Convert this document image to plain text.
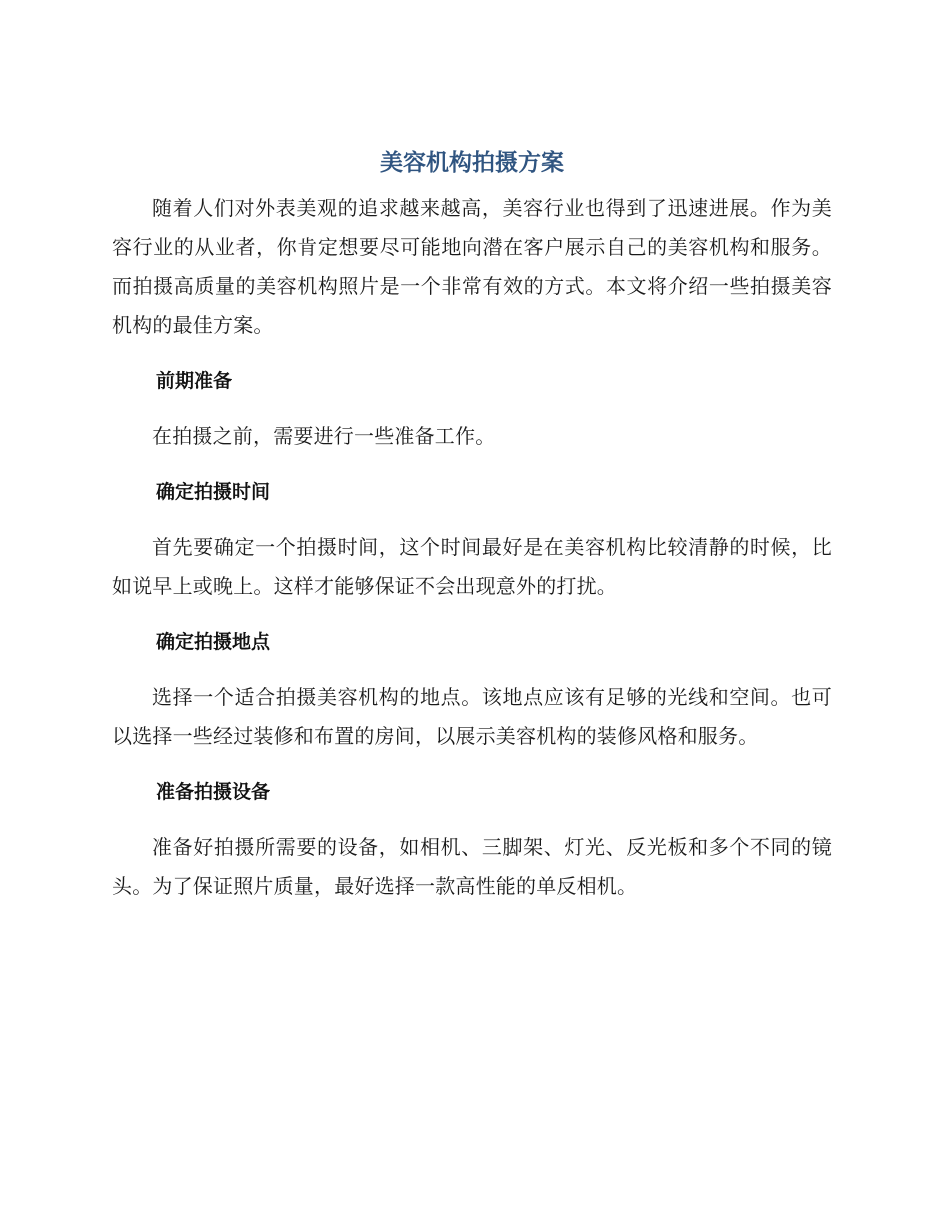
美容机构拍摄方案

随着人们对外表美观的追求越来越高，美容行业也得到了迅速进展。作为美容行业的从业者，你肯定想要尽可能地向潜在客户展示自己的美容机构和服务。而拍摄高质量的美容机构照片是一个非常有效的方式。本文将介绍一些拍摄美容机构的最佳方案。

前期准备

在拍摄之前，需要进行一些准备工作。

确定拍摄时间

首先要确定一个拍摄时间，这个时间最好是在美容机构比较清静的时候，比如说早上或晚上。这样才能够保证不会出现意外的打扰。

确定拍摄地点

选择一个适合拍摄美容机构的地点。该地点应该有足够的光线和空间。也可以选择一些经过装修和布置的房间，以展示美容机构的装修风格和服务。

准备拍摄设备

准备好拍摄所需要的设备，如相机、三脚架、灯光、反光板和多个不同的镜头。为了保证照片质量，最好选择一款高性能的单反相机。
